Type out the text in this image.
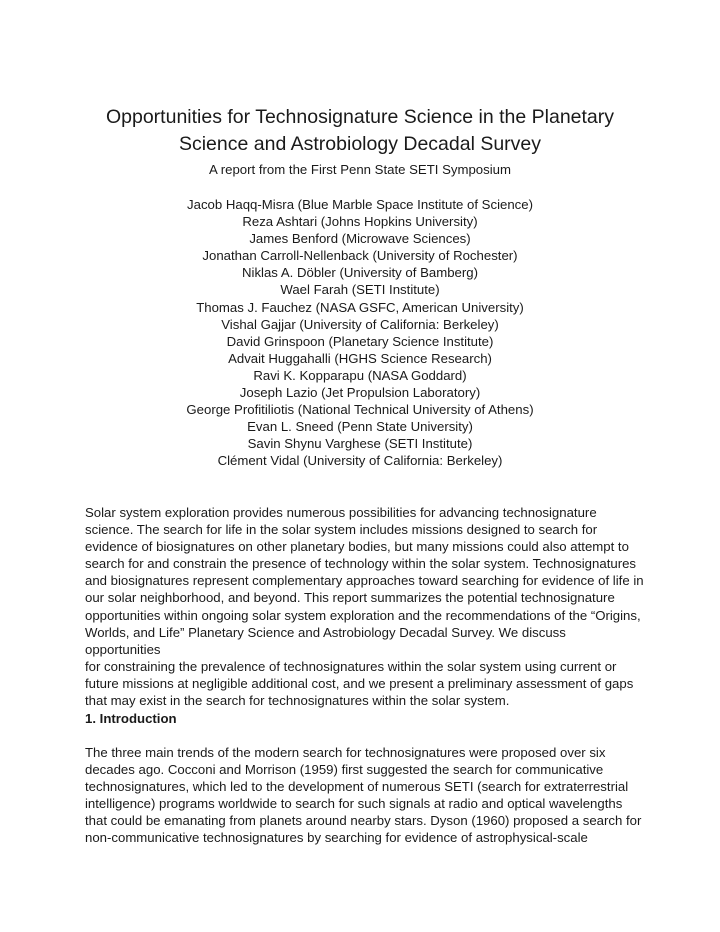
Opportunities for Technosignature Science in the Planetary
Science and Astrobiology Decadal Survey

A report from the First Penn State SETI Symposium

Jacob Haqq-Misra (Blue Marble Space Institute of Science)
Reza Ashtari (Johns Hopkins University)
James Benford (Microwave Sciences)
Jonathan Carroll-Nellenback (University of Rochester)
Niklas A. Döbler (University of Bamberg)
Wael Farah (SETI Institute)
Thomas J. Fauchez (NASA GSFC, American University)
Vishal Gajjar (University of California: Berkeley)
David Grinspoon (Planetary Science Institute)
Advait Huggahalli (HGHS Science Research)
Ravi K. Kopparapu (NASA Goddard)
Joseph Lazio (Jet Propulsion Laboratory)
George Profitiliotis (National Technical University of Athens)
Evan L. Sneed (Penn State University)
Savin Shynu Varghese (SETI Institute)
Clément Vidal (University of California: Berkeley)

Solar system exploration provides numerous possibilities for advancing technosignature
science. The search for life in the solar system includes missions designed to search for
evidence of biosignatures on other planetary bodies, but many missions could also attempt to
search for and constrain the presence of technology within the solar system. Technosignatures
and biosignatures represent complementary approaches toward searching for evidence of life in
our solar neighborhood, and beyond. This report summarizes the potential technosignature
opportunities within ongoing solar system exploration and the recommendations of the “Origins,
Worlds, and Life” Planetary Science and Astrobiology Decadal Survey. We discuss opportunities
for constraining the prevalence of technosignatures within the solar system using current or
future missions at negligible additional cost, and we present a preliminary assessment of gaps
that may exist in the search for technosignatures within the solar system.

1. Introduction

The three main trends of the modern search for technosignatures were proposed over six
decades ago. Cocconi and Morrison (1959) first suggested the search for communicative
technosignatures, which led to the development of numerous SETI (search for extraterrestrial
intelligence) programs worldwide to search for such signals at radio and optical wavelengths
that could be emanating from planets around nearby stars. Dyson (1960) proposed a search for
non-communicative technosignatures by searching for evidence of astrophysical-scale
